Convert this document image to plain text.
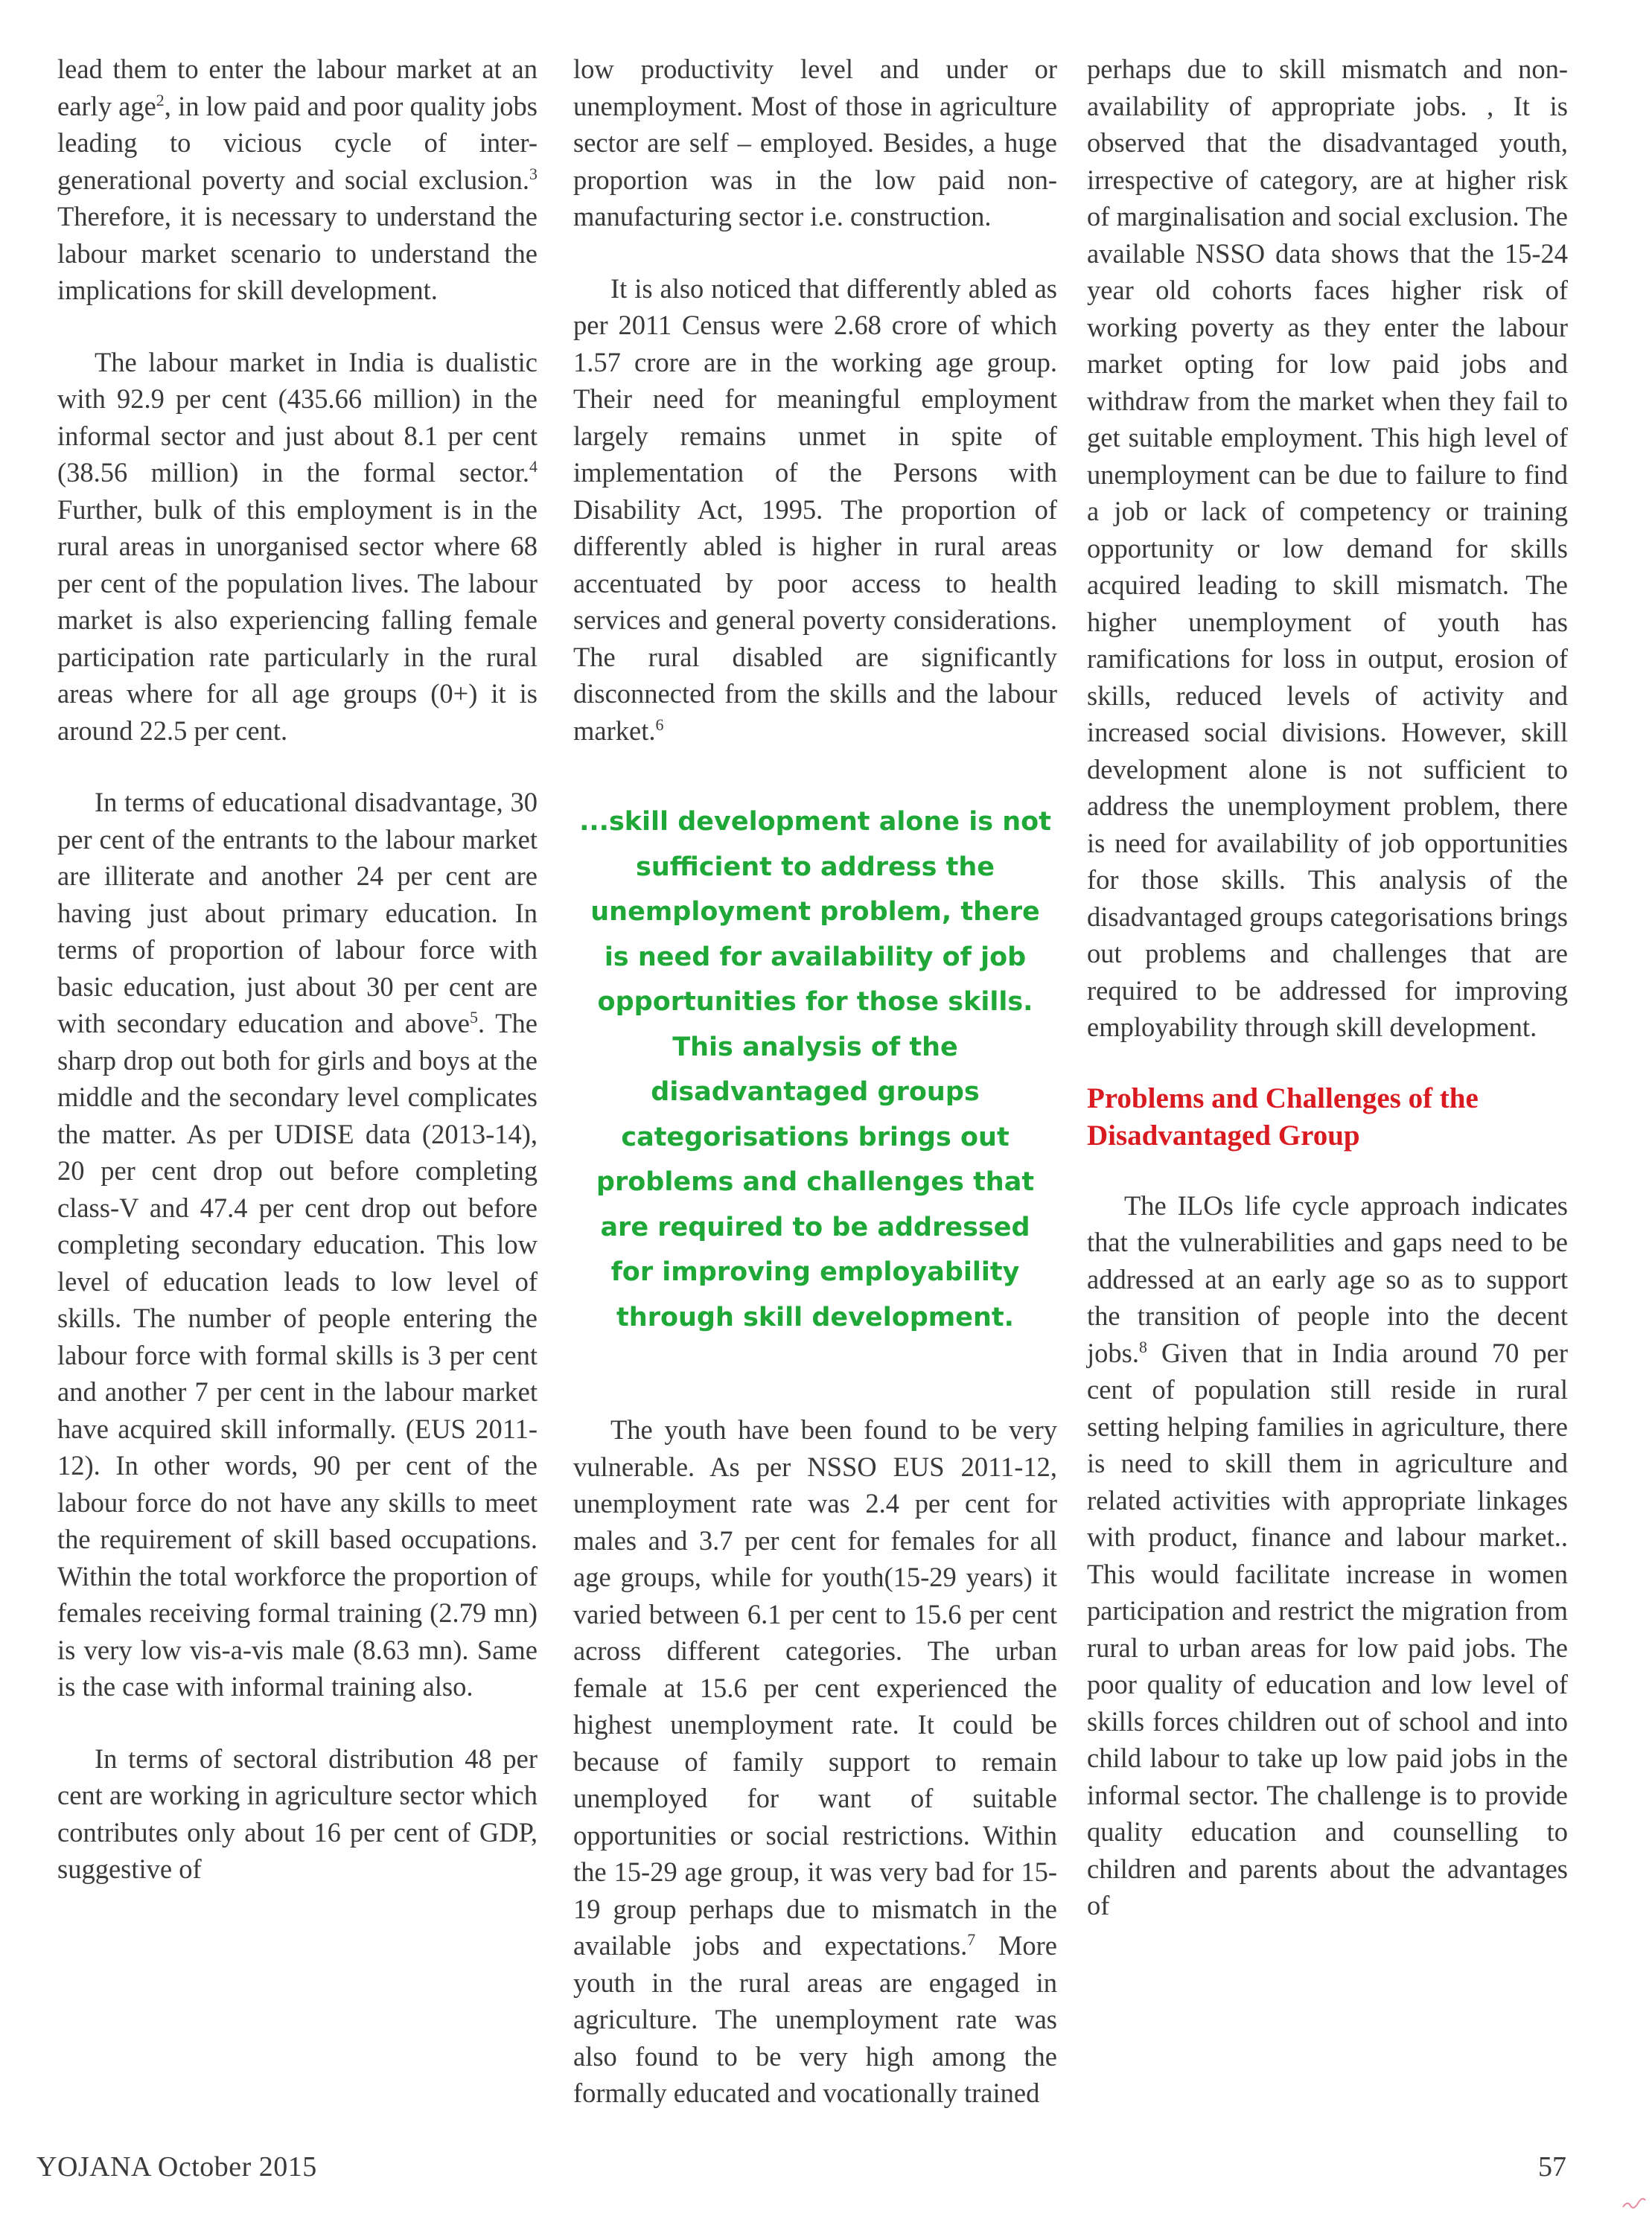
lead them to enter the labour market at an early age$^2$, in low paid and poor quality jobs leading to vicious cycle of inter-generational poverty and social exclusion.$^3$ Therefore, it is necessary to understand the labour market scenario to understand the implications for skill development.

The labour market in India is dualistic with 92.9 per cent (435.66 million) in the informal sector and just about 8.1 per cent (38.56 million) in the formal sector.$^4$ Further, bulk of this employment is in the rural areas in unorganised sector where 68 per cent of the population lives. The labour market is also experiencing falling female participation rate particularly in the rural areas where for all age groups (0+) it is around 22.5 per cent.

In terms of educational disadvantage, 30 per cent of the entrants to the labour market are illiterate and another 24 per cent are having just about primary education. In terms of proportion of labour force with basic education, just about 30 per cent are with secondary education and above$^5$. The sharp drop out both for girls and boys at the middle and the secondary level complicates the matter. As per UDISE data (2013-14), 20 per cent drop out before completing class-V and 47.4 per cent drop out before completing secondary education. This low level of education leads to low level of skills. The number of people entering the labour force with formal skills is 3 per cent and another 7 per cent in the labour market have acquired skill informally. (EUS 2011-12). In other words, 90 per cent of the labour force do not have any skills to meet the requirement of skill based occupations. Within the total workforce the proportion of females receiving formal training (2.79 mn) is very low vis-a-vis male (8.63 mn). Same is the case with informal training also.

In terms of sectoral distribution 48 per cent are working in agriculture sector which contributes only about 16 per cent of GDP, suggestive of

low productivity level and under or unemployment. Most of those in agriculture sector are self – employed. Besides, a huge proportion was in the low paid non- manufacturing sector i.e. construction.

It is also noticed that differently abled as per 2011 Census were 2.68 crore of which 1.57 crore are in the working age group. Their need for meaningful employment largely remains unmet in spite of implementation of the Persons with Disability Act, 1995. The proportion of differently abled is higher in rural areas accentuated by poor access to health services and general poverty considerations. The rural disabled are significantly disconnected from the skills and the labour market.$^6$

...skill development alone is not sufficient to address the unemployment problem, there is need for availability of job opportunities for those skills. This analysis of the disadvantaged groups categorisations brings out problems and challenges that are required to be addressed for improving employability through skill development.

The youth have been found to be very vulnerable. As per NSSO EUS 2011-12, unemployment rate was 2.4 per cent for males and 3.7 per cent for females for all age groups, while for youth(15-29 years) it varied between 6.1 per cent to 15.6 per cent across different categories. The urban female at 15.6 per cent experienced the highest unemployment rate. It could be because of family support to remain unemployed for want of suitable opportunities or social restrictions. Within the 15-29 age group, it was very bad for 15-19 group perhaps due to mismatch in the available jobs and expectations.$^7$ More youth in the rural areas are engaged in agriculture. The unemployment rate was also found to be very high among the formally educated and vocationally trained

perhaps due to skill mismatch and non-availability of appropriate jobs. , It is observed that the disadvantaged youth, irrespective of category, are at higher risk of marginalisation and social exclusion. The available NSSO data shows that the 15-24 year old cohorts faces higher risk of working poverty as they enter the labour market opting for low paid jobs and withdraw from the market when they fail to get suitable employment. This high level of unemployment can be due to failure to find a job or lack of competency or training opportunity or low demand for skills acquired leading to skill mismatch. The higher unemployment of youth has ramifications for loss in output, erosion of skills, reduced levels of activity and increased social divisions. However, skill development alone is not sufficient to address the unemployment problem, there is need for availability of job opportunities for those skills. This analysis of the disadvantaged groups categorisations brings out problems and challenges that are required to be addressed for improving employability through skill development.

Problems and Challenges of the Disadvantaged Group

The ILOs life cycle approach indicates that the vulnerabilities and gaps need to be addressed at an early age so as to support the transition of people into the decent jobs.$^8$ Given that in India around 70 per cent of population still reside in rural setting helping families in agriculture, there is need to skill them in agriculture and related activities with appropriate linkages with product, finance and labour market.. This would facilitate increase in women participation and restrict the migration from rural to urban areas for low paid jobs. The poor quality of education and low level of skills forces children out of school and into child labour to take up low paid jobs in the informal sector. The challenge is to provide quality education and counselling to children and parents about the advantages of

YOJANA October 2015	57
